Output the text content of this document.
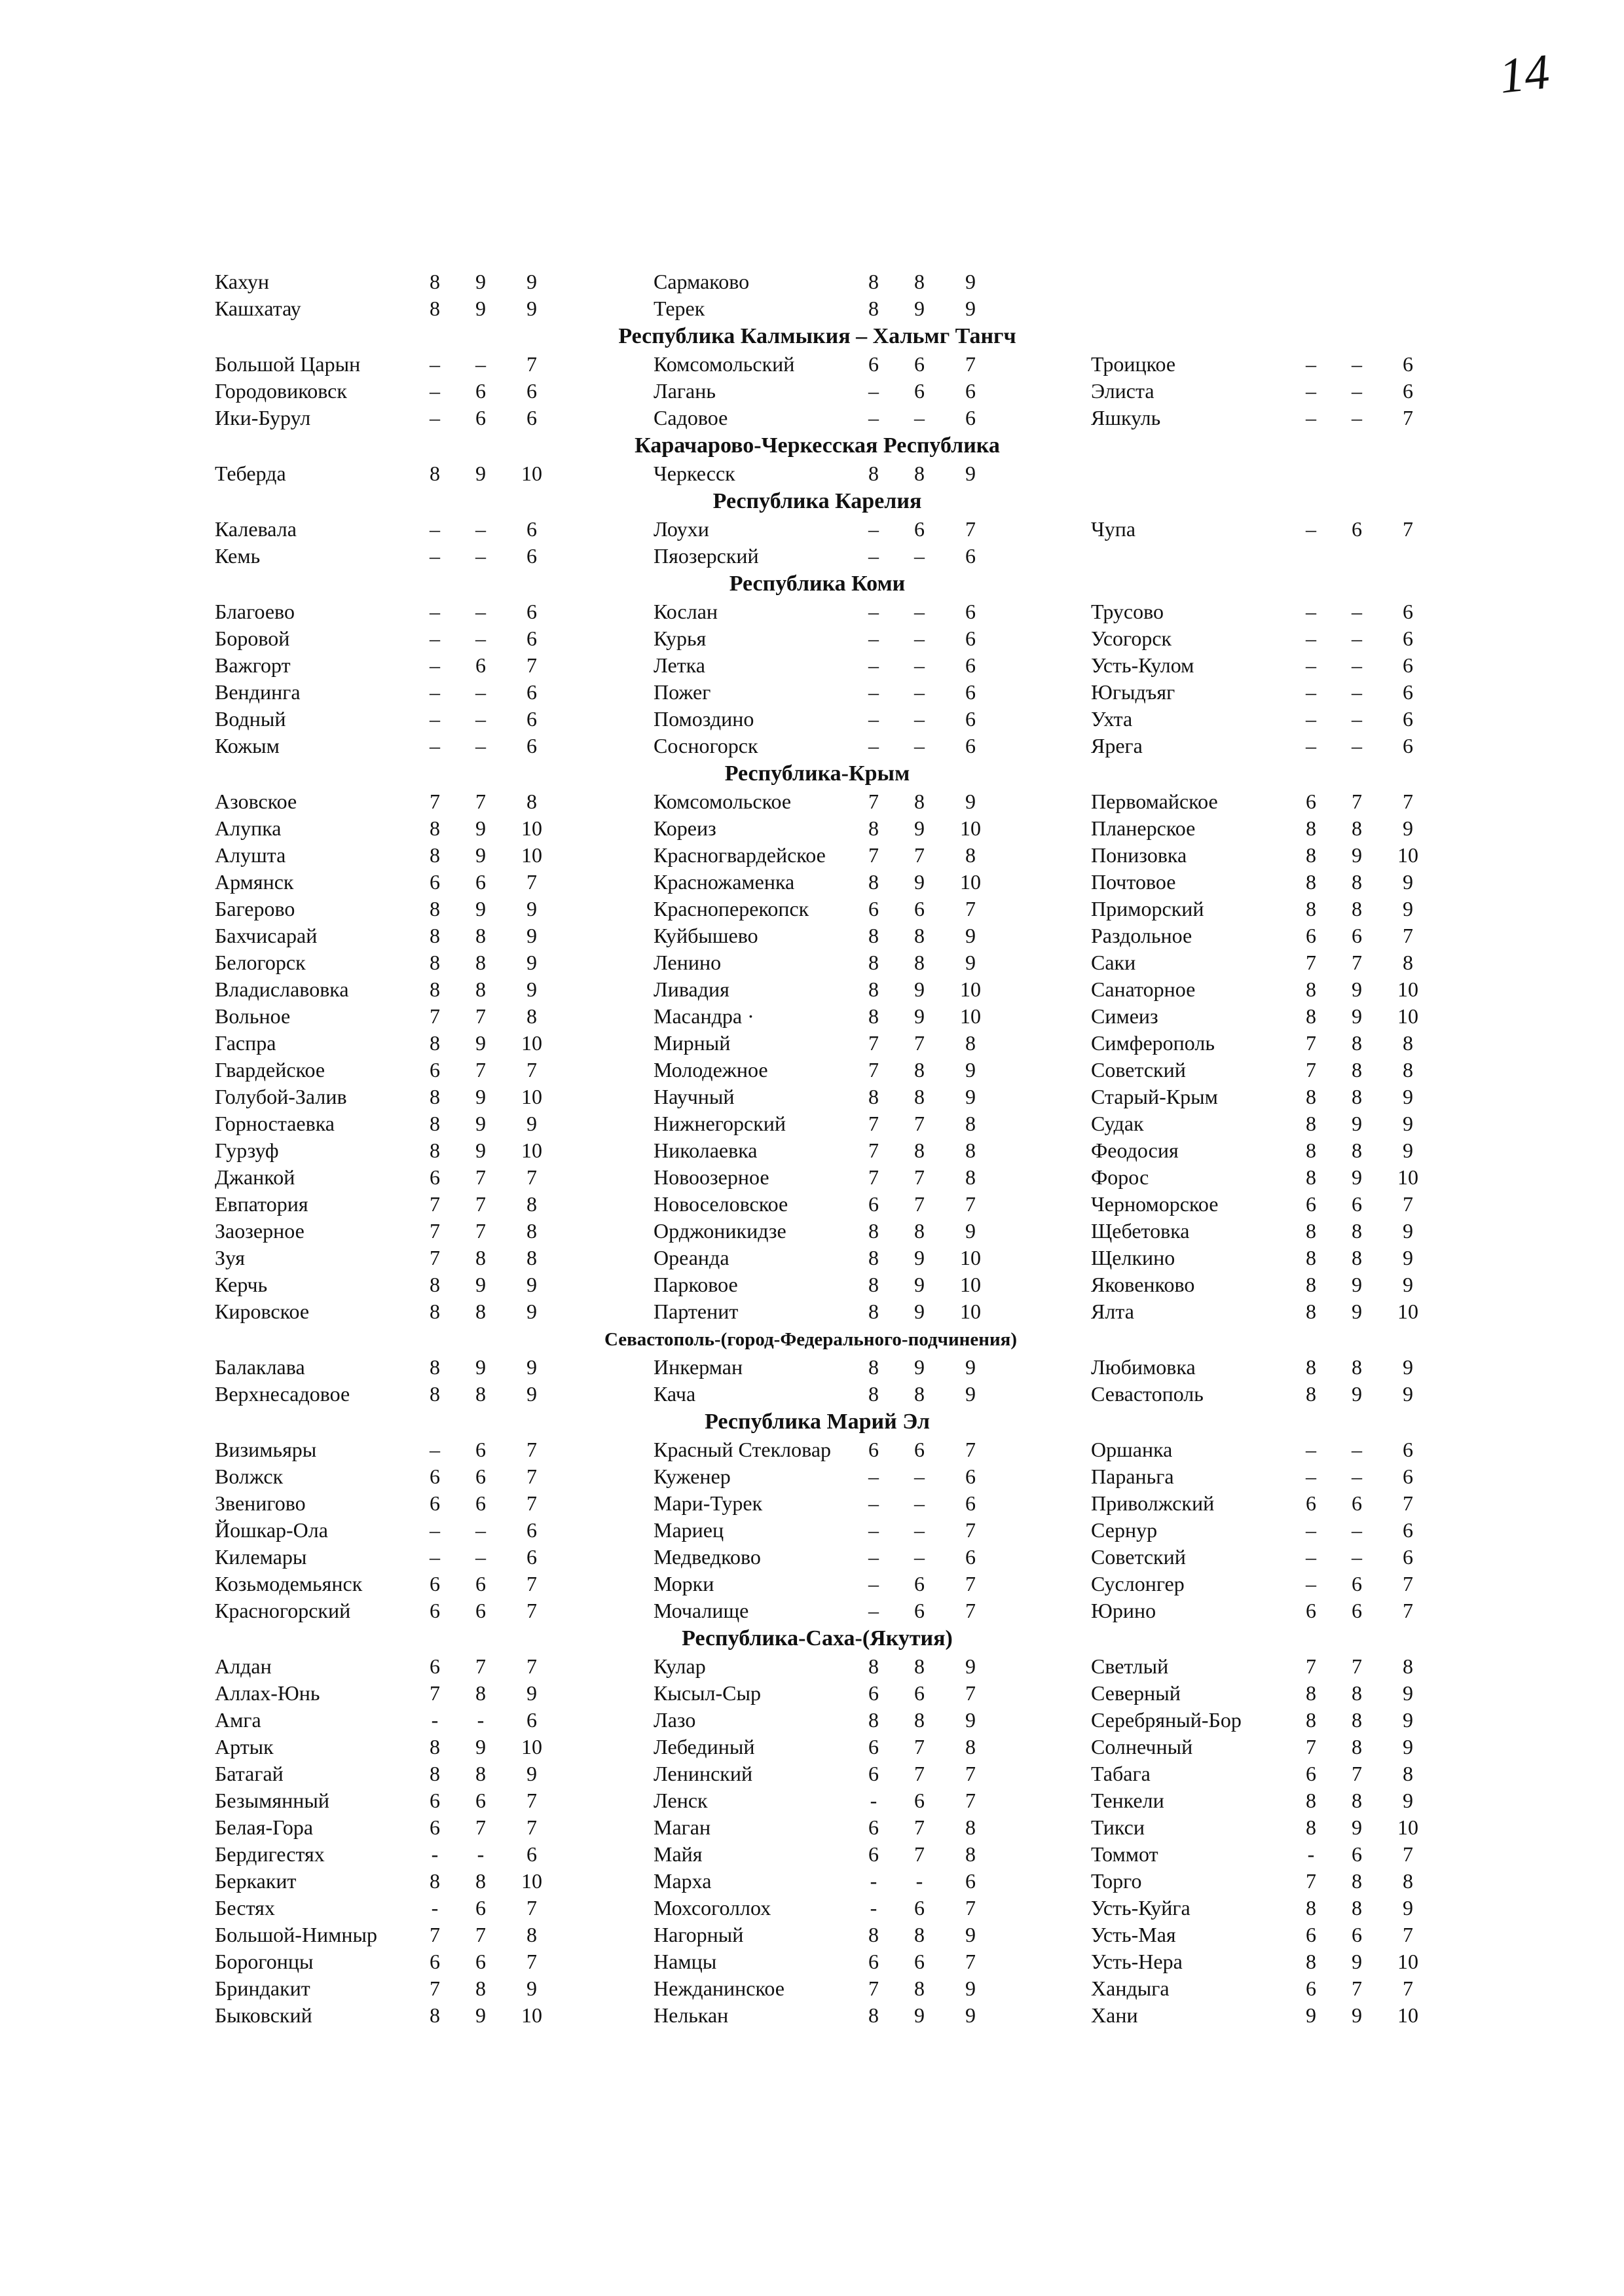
14
Кахун	8	9	9	Сармаково	8	8	9
Кашхатау	8	9	9	Терек	8	9	9
Республика Калмыкия – Хальмг Тангч
Большой Царын	–	–	7	Комсомольский	6	6	7	Троицкое	–	–	6
Городовиковск	–	6	6	Лагань	–	6	6	Элиста	–	–	6
Ики-Бурул	–	6	6	Садовое	–	–	6	Яшкуль	–	–	7
Карачарово-Черкесская Республика
Теберда	8	9	10	Черкесск	8	8	9
Республика Карелия
Калевала	–	–	6	Лоухи	–	6	7	Чупа	–	6	7
Кемь	–	–	6	Пяозерский	–	–	6
Республика Коми
Благоево	–	–	6	Кослан	–	–	6	Трусово	–	–	6
Боровой	–	–	6	Курья	–	–	6	Усогорск	–	–	6
Важгорт	–	6	7	Летка	–	–	6	Усть-Кулом	–	–	6
Вендинга	–	–	6	Пожег	–	–	6	Югыдъяг	–	–	6
Водный	–	–	6	Помоздино	–	–	6	Ухта	–	–	6
Кожым	–	–	6	Сосногорск	–	–	6	Ярега	–	–	6
Республика-Крым
Азовское	7	7	8	Комсомольское	7	8	9	Первомайское	6	7	7
Алупка	8	9	10	Кореиз	8	9	10	Планерское	8	8	9
Алушта	8	9	10	Красногвардейское	7	7	8	Понизовка	8	9	10
Армянск	6	6	7	Красножаменка	8	9	10	Почтовое	8	8	9
Багерово	8	9	9	Красноперекопск	6	6	7	Приморский	8	8	9
Бахчисарай	8	8	9	Куйбышево	8	8	9	Раздольное	6	6	7
Белогорск	8	8	9	Ленино	8	8	9	Саки	7	7	8
Владиславовка	8	8	9	Ливадия	8	9	10	Санаторное	8	9	10
Вольное	7	7	8	Масандра ·	8	9	10	Симеиз	8	9	10
Гаспра	8	9	10	Мирный	7	7	8	Симферополь	7	8	8
Гвардейское	6	7	7	Молодежное	7	8	9	Советский	7	8	8
Голубой-Залив	8	9	10	Научный	8	8	9	Старый-Крым	8	8	9
Горностаевка	8	9	9	Нижнегорский	7	7	8	Судак	8	9	9
Гурзуф	8	9	10	Николаевка	7	8	8	Феодосия	8	8	9
Джанкой	6	7	7	Новоозерное	7	7	8	Форос	8	9	10
Евпатория	7	7	8	Новоселовское	6	7	7	Черноморское	6	6	7
Заозерное	7	7	8	Орджоникидзе	8	8	9	Щебетовка	8	8	9
Зуя	7	8	8	Ореанда	8	9	10	Щелкино	8	8	9
Керчь	8	9	9	Парковое	8	9	10	Яковенково	8	9	9
Кировское	8	8	9	Партенит	8	9	10	Ялта	8	9	10
Севастополь-(город-Федерального-подчинения)
Балаклава	8	9	9	Инкерман	8	9	9	Любимовка	8	8	9
Верхнесадовое	8	8	9	Кача	8	8	9	Севастополь	8	9	9
Республика Марий Эл
Визимьяры	–	6	7	Красный Стекловар	6	6	7	Оршанка	–	–	6
Волжск	6	6	7	Куженер	–	–	6	Параньга	–	–	6
Звенигово	6	6	7	Мари-Турек	–	–	6	Приволжский	6	6	7
Йошкар-Ола	–	–	6	Мариец	–	–	7	Сернур	–	–	6
Килемары	–	–	6	Медведково	–	–	6	Советский	–	–	6
Козьмодемьянск	6	6	7	Морки	–	6	7	Суслонгер	–	6	7
Красногорский	6	6	7	Мочалище	–	6	7	Юрино	6	6	7
Республика-Саха-(Якутия)
Алдан	6	7	7	Кулар	8	8	9	Светлый	7	7	8
Аллах-Юнь	7	8	9	Кысыл-Сыр	6	6	7	Северный	8	8	9
Амга	-	-	6	Лазо	8	8	9	Серебряный-Бор	8	8	9
Артык	8	9	10	Лебединый	6	7	8	Солнечный	7	8	9
Батагай	8	8	9	Ленинский	6	7	7	Табага	6	7	8
Безымянный	6	6	7	Ленск	-	6	7	Тенкели	8	8	9
Белая-Гора	6	7	7	Маган	6	7	8	Тикси	8	9	10
Бердигестях	-	-	6	Майя	6	7	8	Томмот	-	6	7
Беркакит	8	8	10	Марха	-	-	6	Торго	7	8	8
Бестях	-	6	7	Мохсоголлох	-	6	7	Усть-Куйга	8	8	9
Большой-Нимныр	7	7	8	Нагорный	8	8	9	Усть-Мая	6	6	7
Борогонцы	6	6	7	Намцы	6	6	7	Усть-Нера	8	9	10
Бриндакит	7	8	9	Нежданинское	7	8	9	Хандыга	6	7	7
Быковский	8	9	10	Нелькан	8	9	9	Хани	9	9	10
